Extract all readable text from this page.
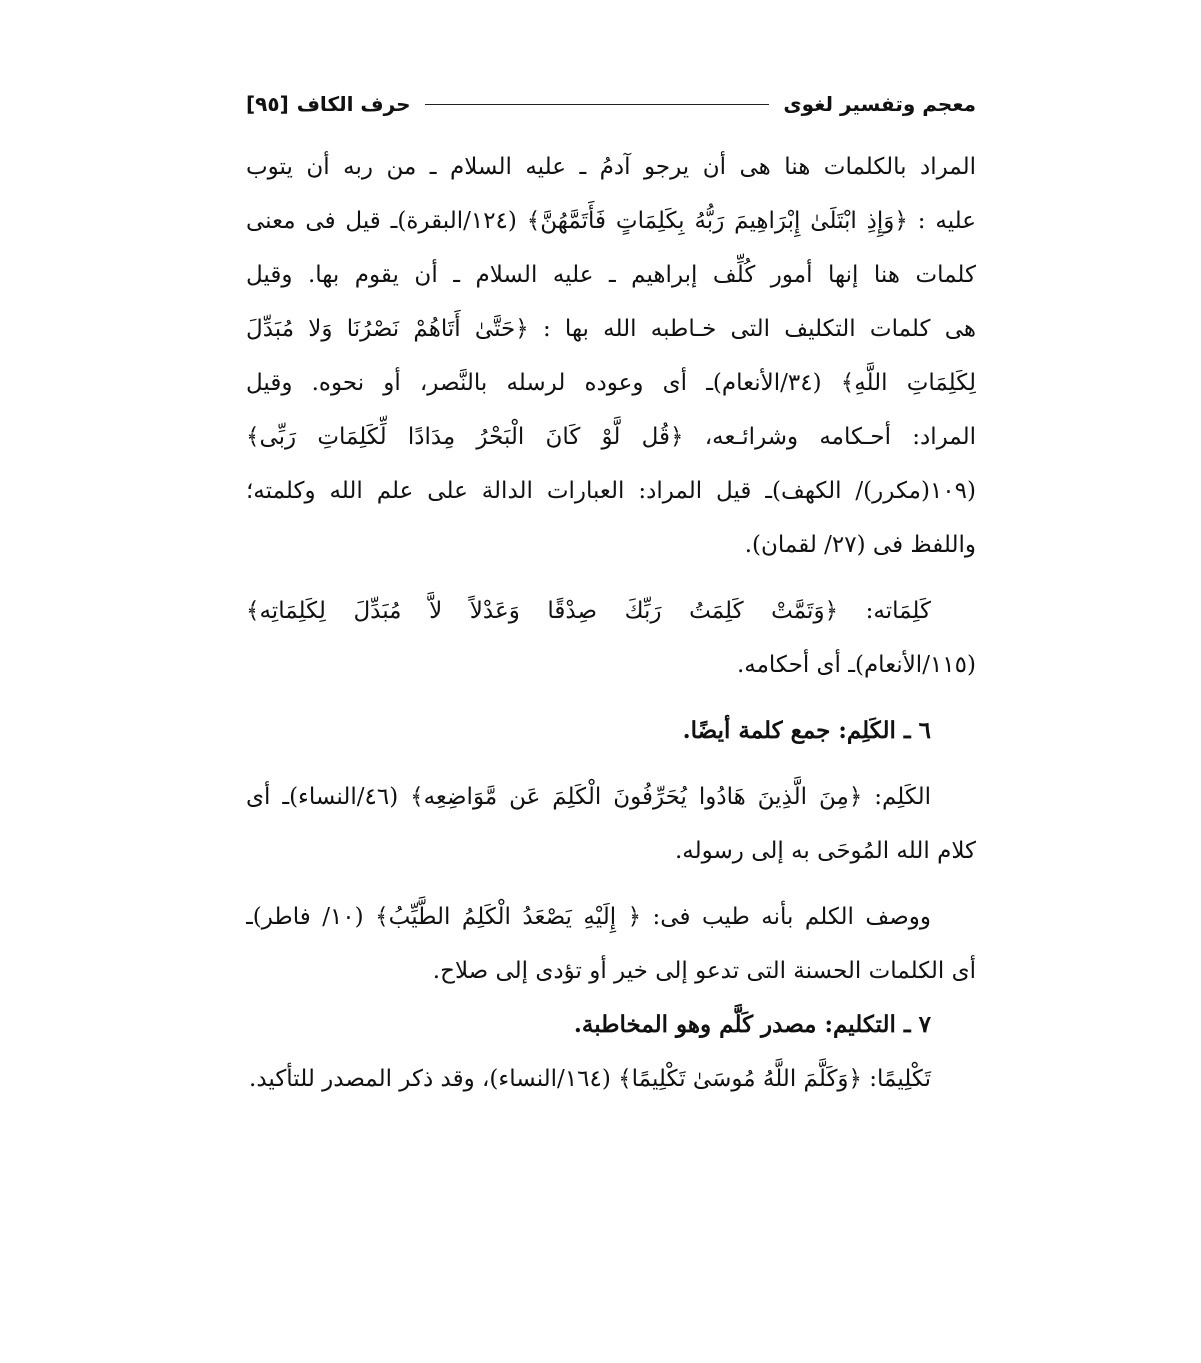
معجم وتفسير لغوى
حرف الكاف
[٩٥]
المراد بالكلمات هنا هى أن يرجو آدمُ ـ عليه السلام ـ من ربه أن يتوب
عليه : ﴿وَإِذِ ابْتَلَىٰ إِبْرَاهِيمَ رَبُّهُ بِكَلِمَاتٍ فَأَتَمَّهُنَّ﴾ (١٢٤/البقرة)ـ قيل فى معنى
كلمات هنا إنها أمور كُلِّف إبراهيم ـ عليه السلام ـ أن يقوم بها. وقيل
هى كلمات التكليف التى خـاطبه الله بها : ﴿حَتَّىٰ أَتَاهُمْ نَصْرُنَا وَلا مُبَدِّلَ
لِكَلِمَاتِ اللَّهِ﴾ (٣٤/الأنعام)ـ أى وعوده لرسله بالنَّصر، أو نحوه. وقيل
المراد: أحـكامه وشرائـعه، ﴿قُل لَّوْ كَانَ الْبَحْرُ مِدَادًا لِّكَلِمَاتِ رَبِّى﴾
(١٠٩(مكرر)/ الكهف)ـ قيل المراد: العبارات الدالة على علم الله وكلمته؛
واللفظ فى (٢٧/ لقمان).
كَلِمَاته: ﴿وَتَمَّتْ كَلِمَتُ رَبِّكَ صِدْقًا وَعَدْلاً لاَّ مُبَدِّلَ لِكَلِمَاتِه﴾
(١١٥/الأنعام)ـ أى أحكامه.
٦ ـ الكَلِم: جمع كلمة أيضًا.
الكَلِم: ﴿مِنَ الَّذِينَ هَادُوا يُحَرِّفُونَ الْكَلِمَ عَن مَّوَاضِعِه﴾ (٤٦/النساء)ـ أى
كلام الله المُوحَى به إلى رسوله.
ووصف الكلم بأنه طيب فى: ﴿ إِلَيْهِ يَصْعَدُ الْكَلِمُ الطَّيِّبُ﴾ (١٠/ فاطر)ـ
أى الكلمات الحسنة التى تدعو إلى خير أو تؤدى إلى صلاح.
٧ ـ التكليم: مصدر كَلَّم وهو المخاطبة.
تَكْلِيمًا: ﴿وَكَلَّمَ اللَّهُ مُوسَىٰ تَكْلِيمًا﴾ (١٦٤/النساء)، وقد ذكر المصدر للتأكيد.
